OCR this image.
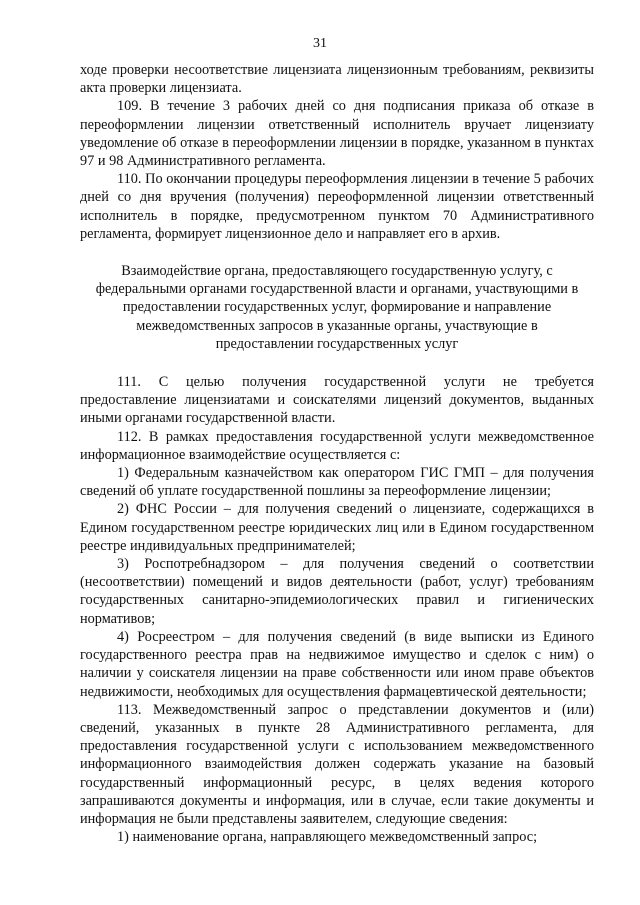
31

ходе проверки несоответствие лицензиата лицензионным требованиям, реквизиты акта проверки лицензиата.

109. В течение 3 рабочих дней со дня подписания приказа об отказе в переоформлении лицензии ответственный исполнитель вручает лицензиату уведомление об отказе в переоформлении лицензии в порядке, указанном в пунктах 97 и 98 Административного регламента.

110. По окончании процедуры переоформления лицензии в течение 5 рабочих дней со дня вручения (получения) переоформленной лицензии ответственный исполнитель в порядке, предусмотренном пунктом 70 Административного регламента, формирует лицензионное дело и направляет его в архив.

Взаимодействие органа, предоставляющего государственную услугу, с федеральными органами государственной власти и органами, участвующими в предоставлении государственных услуг, формирование и направление межведомственных запросов в указанные органы, участвующие в предоставлении государственных услуг

111. С целью получения государственной услуги не требуется предоставление лицензиатами и соискателями лицензий документов, выданных иными органами государственной власти.

112. В рамках предоставления государственной услуги межведомственное информационное взаимодействие осуществляется с:

1) Федеральным казначейством как оператором ГИС ГМП – для получения сведений об уплате государственной пошлины за переоформление лицензии;

2) ФНС России – для получения сведений о лицензиате, содержащихся в Едином государственном реестре юридических лиц или в Едином государственном реестре индивидуальных предпринимателей;

3) Роспотребнадзором – для получения сведений о соответствии (несоответствии) помещений и видов деятельности (работ, услуг) требованиям государственных санитарно-эпидемиологических правил и гигиенических нормативов;

4) Росреестром – для получения сведений (в виде выписки из Единого государственного реестра прав на недвижимое имущество и сделок с ним) о наличии у соискателя лицензии на праве собственности или ином праве объектов недвижимости, необходимых для осуществления фармацевтической деятельности;

113. Межведомственный запрос о представлении документов и (или) сведений, указанных в пункте 28 Административного регламента, для предоставления государственной услуги с использованием межведомственного информационного взаимодействия должен содержать указание на базовый государственный информационный ресурс, в целях ведения которого запрашиваются документы и информация, или в случае, если такие документы и информация не были представлены заявителем, следующие сведения:

1) наименование органа, направляющего межведомственный запрос;
